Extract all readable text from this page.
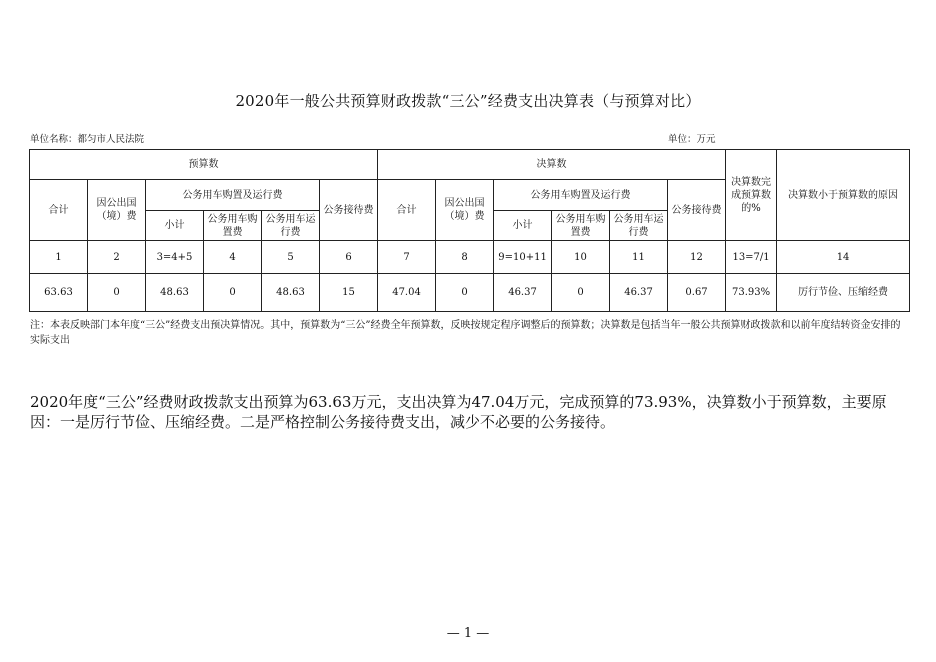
2020年一般公共预算财政拨款“三公”经费支出决算表（与预算对比）
单位名称：都匀市人民法院	单位：万元
预算数						决算数						决算数完成预算数的%	决算数小于预算数的原因
合计	因公出国（境）费	公务用车购置及运行费			公务接待费	合计	因公出国（境）费	公务用车购置及运行费			公务接待费		
		小计	公务用车购置费	公务用车运行费				小计	公务用车购置费	公务用车运行费			
1	2	3=4+5	4	5	6	7	8	9=10+11	10	11	12	13=7/1	14
63.63	0	48.63	0	48.63	15	47.04	0	46.37	0	46.37	0.67	73.93%	厉行节俭、压缩经费
注：本表反映部门本年度“三公”经费支出预决算情况。其中，预算数为“三公”经费全年预算数，反映按规定程序调整后的预算数；决算数是包括当年一般公共预算财政拨款和以前年度结转资金安排的实际支出
2020年度“三公”经费财政拨款支出预算为63.63万元，支出决算为47.04万元，完成预算的73.93%，决算数小于预算数，主要原因：一是厉行节俭、压缩经费。二是严格控制公务接待费支出，减少不必要的公务接待。
— 1 —
